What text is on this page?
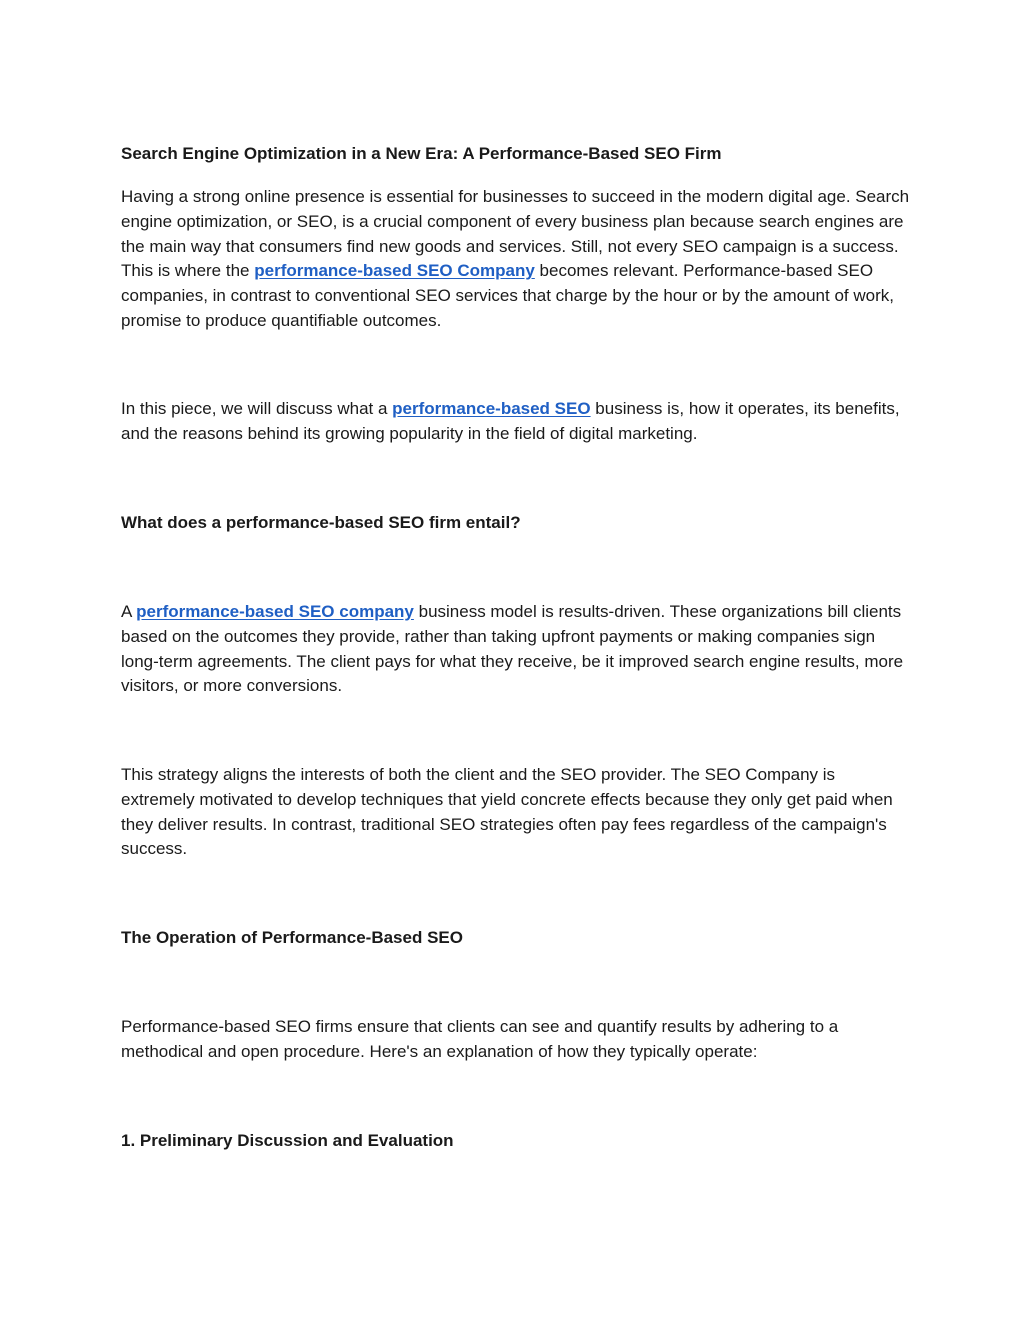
Search Engine Optimization in a New Era: A Performance-Based SEO Firm

Having a strong online presence is essential for businesses to succeed in the modern digital age. Search engine optimization, or SEO, is a crucial component of every business plan because search engines are the main way that consumers find new goods and services. Still, not every SEO campaign is a success. This is where the performance-based SEO Company becomes relevant. Performance-based SEO companies, in contrast to conventional SEO services that charge by the hour or by the amount of work, promise to produce quantifiable outcomes.

In this piece, we will discuss what a performance-based SEO business is, how it operates, its benefits, and the reasons behind its growing popularity in the field of digital marketing.

What does a performance-based SEO firm entail?

A performance-based SEO company business model is results-driven. These organizations bill clients based on the outcomes they provide, rather than taking upfront payments or making companies sign long-term agreements. The client pays for what they receive, be it improved search engine results, more visitors, or more conversions.

This strategy aligns the interests of both the client and the SEO provider. The SEO Company is extremely motivated to develop techniques that yield concrete effects because they only get paid when they deliver results. In contrast, traditional SEO strategies often pay fees regardless of the campaign's success.

The Operation of Performance-Based SEO

Performance-based SEO firms ensure that clients can see and quantify results by adhering to a methodical and open procedure. Here's an explanation of how they typically operate:

1. Preliminary Discussion and Evaluation
